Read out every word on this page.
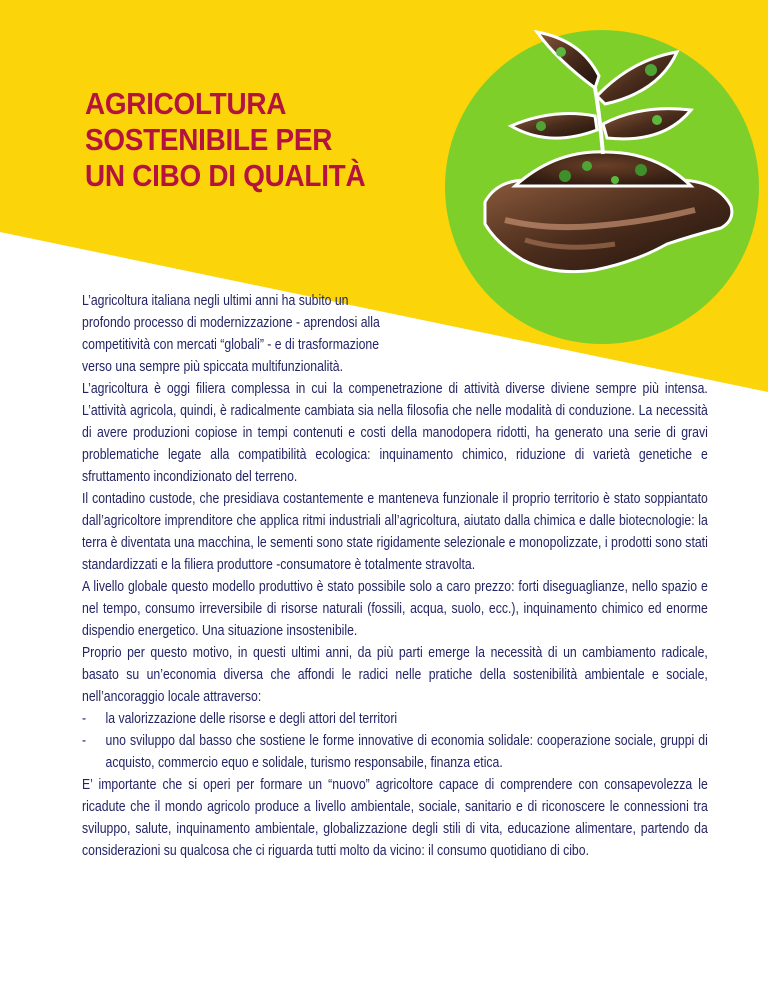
AGRICOLTURA
SOSTENIBILE PER
UN CIBO DI QUALITÀ

L’agricoltura italiana negli ultimi anni ha subito un
profondo processo di modernizzazione - aprendosi alla
competitività con mercati “globali” - e di trasformazione
verso una sempre più spiccata multifunzionalità.

L’agricoltura è oggi filiera complessa in cui la compenetrazione di attività diverse diviene sempre più intensa. L’attività agricola, quindi, è radicalmente cambiata sia nella filosofia che nelle modalità di conduzione. La necessità di avere produzioni copiose in tempi contenuti e costi della manodopera ridotti, ha generato una serie di gravi problematiche legate alla compatibilità ecologica: inquinamento chimico, riduzione di varietà genetiche e sfruttamento incondizionato del terreno.

Il contadino custode, che presidiava costantemente e manteneva funzionale il proprio territorio è stato soppiantato dall’agricoltore imprenditore che applica ritmi industriali all’agricoltura, aiutato dalla chimica e dalle biotecnologie: la terra è diventata una macchina, le sementi sono state rigidamente selezionale e monopolizzate, i prodotti sono stati standardizzati e la filiera produttore -consumatore è totalmente stravolta.

A livello globale questo modello produttivo è stato possibile solo a caro prezzo: forti diseguaglianze, nello spazio e nel tempo, consumo irreversibile di risorse naturali (fossili, acqua, suolo, ecc.), inquinamento chimico ed enorme dispendio energetico. Una situazione insostenibile.

Proprio per questo motivo, in questi ultimi anni, da più parti emerge la necessità di un cambiamento radicale, basato su un’economia diversa che affondi le radici nelle pratiche della sostenibilità ambientale e sociale, nell’ancoraggio locale attraverso:

-	la valorizzazione delle risorse e degli attori del territori
-	uno sviluppo dal basso che sostiene le forme innovative di economia solidale: cooperazione sociale, gruppi di acquisto, commercio equo e solidale, turismo responsabile, finanza etica.

E’ importante che si operi per formare un “nuovo” agricoltore capace di comprendere con consapevolezza le ricadute che il mondo agricolo produce a livello ambientale, sociale, sanitario e di riconoscere le connessioni tra sviluppo, salute, inquinamento ambientale, globalizzazione degli stili di vita, educazione alimentare, partendo da considerazioni su qualcosa che ci riguarda tutti molto da vicino: il consumo quotidiano di cibo.
